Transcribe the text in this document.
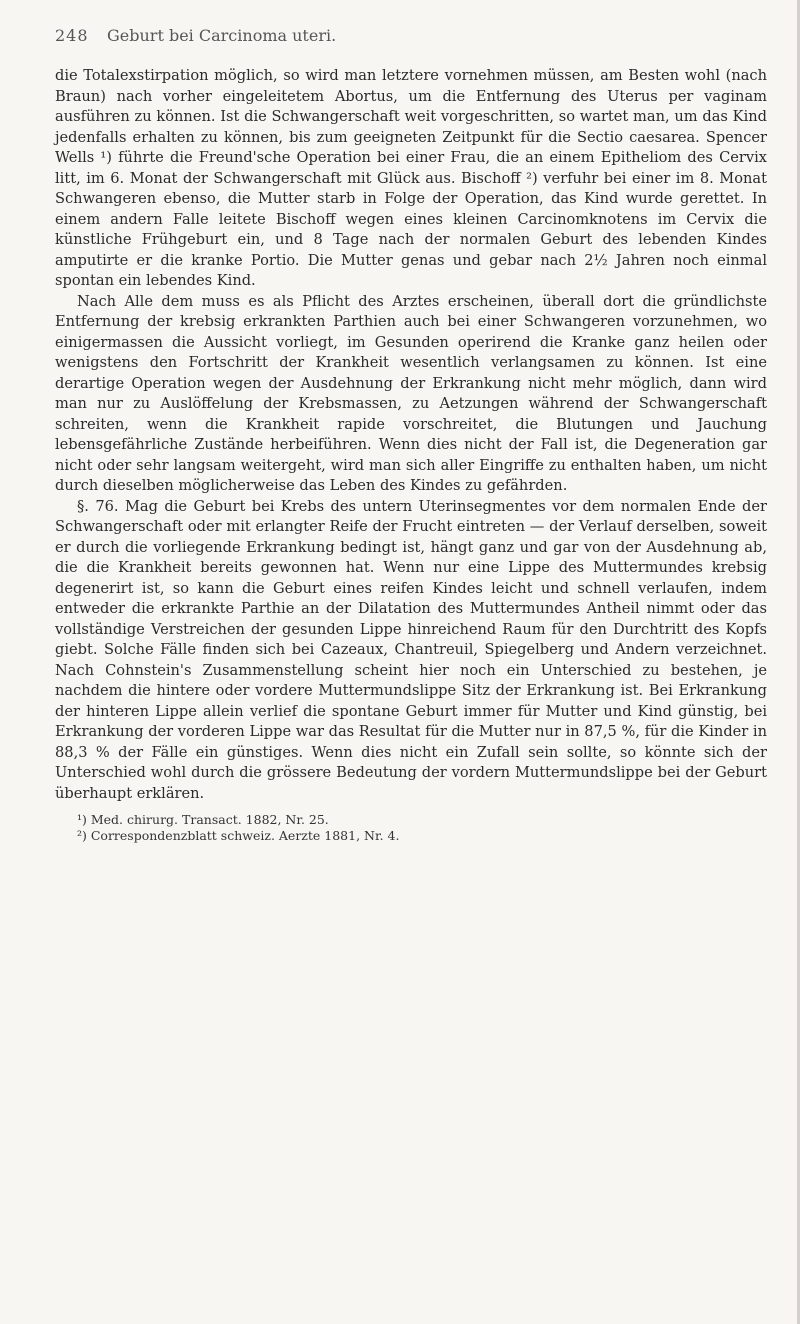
248 Geburt bei Carcinoma uteri.

die Totalexstirpation möglich, so wird man letztere vornehmen müssen, am Besten wohl (nach Braun) nach vorher eingeleitetem Abortus, um die Entfernung des Uterus per vaginam ausführen zu können. Ist die Schwangerschaft weit vorgeschritten, so wartet man, um das Kind jedenfalls erhalten zu können, bis zum geeigneten Zeitpunkt für die Sectio caesarea. Spencer Wells ¹) führte die Freund'sche Operation bei einer Frau, die an einem Epitheliom des Cervix litt, im 6. Monat der Schwangerschaft mit Glück aus. Bischoff ²) verfuhr bei einer im 8. Monat Schwangeren ebenso, die Mutter starb in Folge der Operation, das Kind wurde gerettet. In einem andern Falle leitete Bischoff wegen eines kleinen Carcinomknotens im Cervix die künstliche Frühgeburt ein, und 8 Tage nach der normalen Geburt des lebenden Kindes amputirte er die kranke Portio. Die Mutter genas und gebar nach 2½ Jahren noch einmal spontan ein lebendes Kind.

Nach Alle dem muss es als Pflicht des Arztes erscheinen, überall dort die gründlichste Entfernung der krebsig erkrankten Parthien auch bei einer Schwangeren vorzunehmen, wo einigermassen die Aussicht vorliegt, im Gesunden operirend die Kranke ganz heilen oder wenigstens den Fortschritt der Krankheit wesentlich verlangsamen zu können. Ist eine derartige Operation wegen der Ausdehnung der Erkrankung nicht mehr möglich, dann wird man nur zu Auslöffelung der Krebsmassen, zu Aetzungen während der Schwangerschaft schreiten, wenn die Krankheit rapide vorschreitet, die Blutungen und Jauchung lebensgefährliche Zustände herbeiführen. Wenn dies nicht der Fall ist, die Degeneration gar nicht oder sehr langsam weitergeht, wird man sich aller Eingriffe zu enthalten haben, um nicht durch dieselben möglicherweise das Leben des Kindes zu gefährden.

§. 76. Mag die Geburt bei Krebs des untern Uterinsegmentes vor dem normalen Ende der Schwangerschaft oder mit erlangter Reife der Frucht eintreten — der Verlauf derselben, soweit er durch die vorliegende Erkrankung bedingt ist, hängt ganz und gar von der Ausdehnung ab, die die Krankheit bereits gewonnen hat. Wenn nur eine Lippe des Muttermundes krebsig degenerirt ist, so kann die Geburt eines reifen Kindes leicht und schnell verlaufen, indem entweder die erkrankte Parthie an der Dilatation des Muttermundes Antheil nimmt oder das vollständige Verstreichen der gesunden Lippe hinreichend Raum für den Durchtritt des Kopfs giebt. Solche Fälle finden sich bei Cazeaux, Chantreuil, Spiegelberg und Andern verzeichnet. Nach Cohnstein's Zusammenstellung scheint hier noch ein Unterschied zu bestehen, je nachdem die hintere oder vordere Muttermundslippe Sitz der Erkrankung ist. Bei Erkrankung der hinteren Lippe allein verlief die spontane Geburt immer für Mutter und Kind günstig, bei Erkrankung der vorderen Lippe war das Resultat für die Mutter nur in 87,5 %, für die Kinder in 88,3 % der Fälle ein günstiges. Wenn dies nicht ein Zufall sein sollte, so könnte sich der Unterschied wohl durch die grössere Bedeutung der vordern Muttermundslippe bei der Geburt überhaupt erklären.

¹) Med. chirurg. Transact. 1882, Nr. 25.
²) Correspondenzblatt schweiz. Aerzte 1881, Nr. 4.
